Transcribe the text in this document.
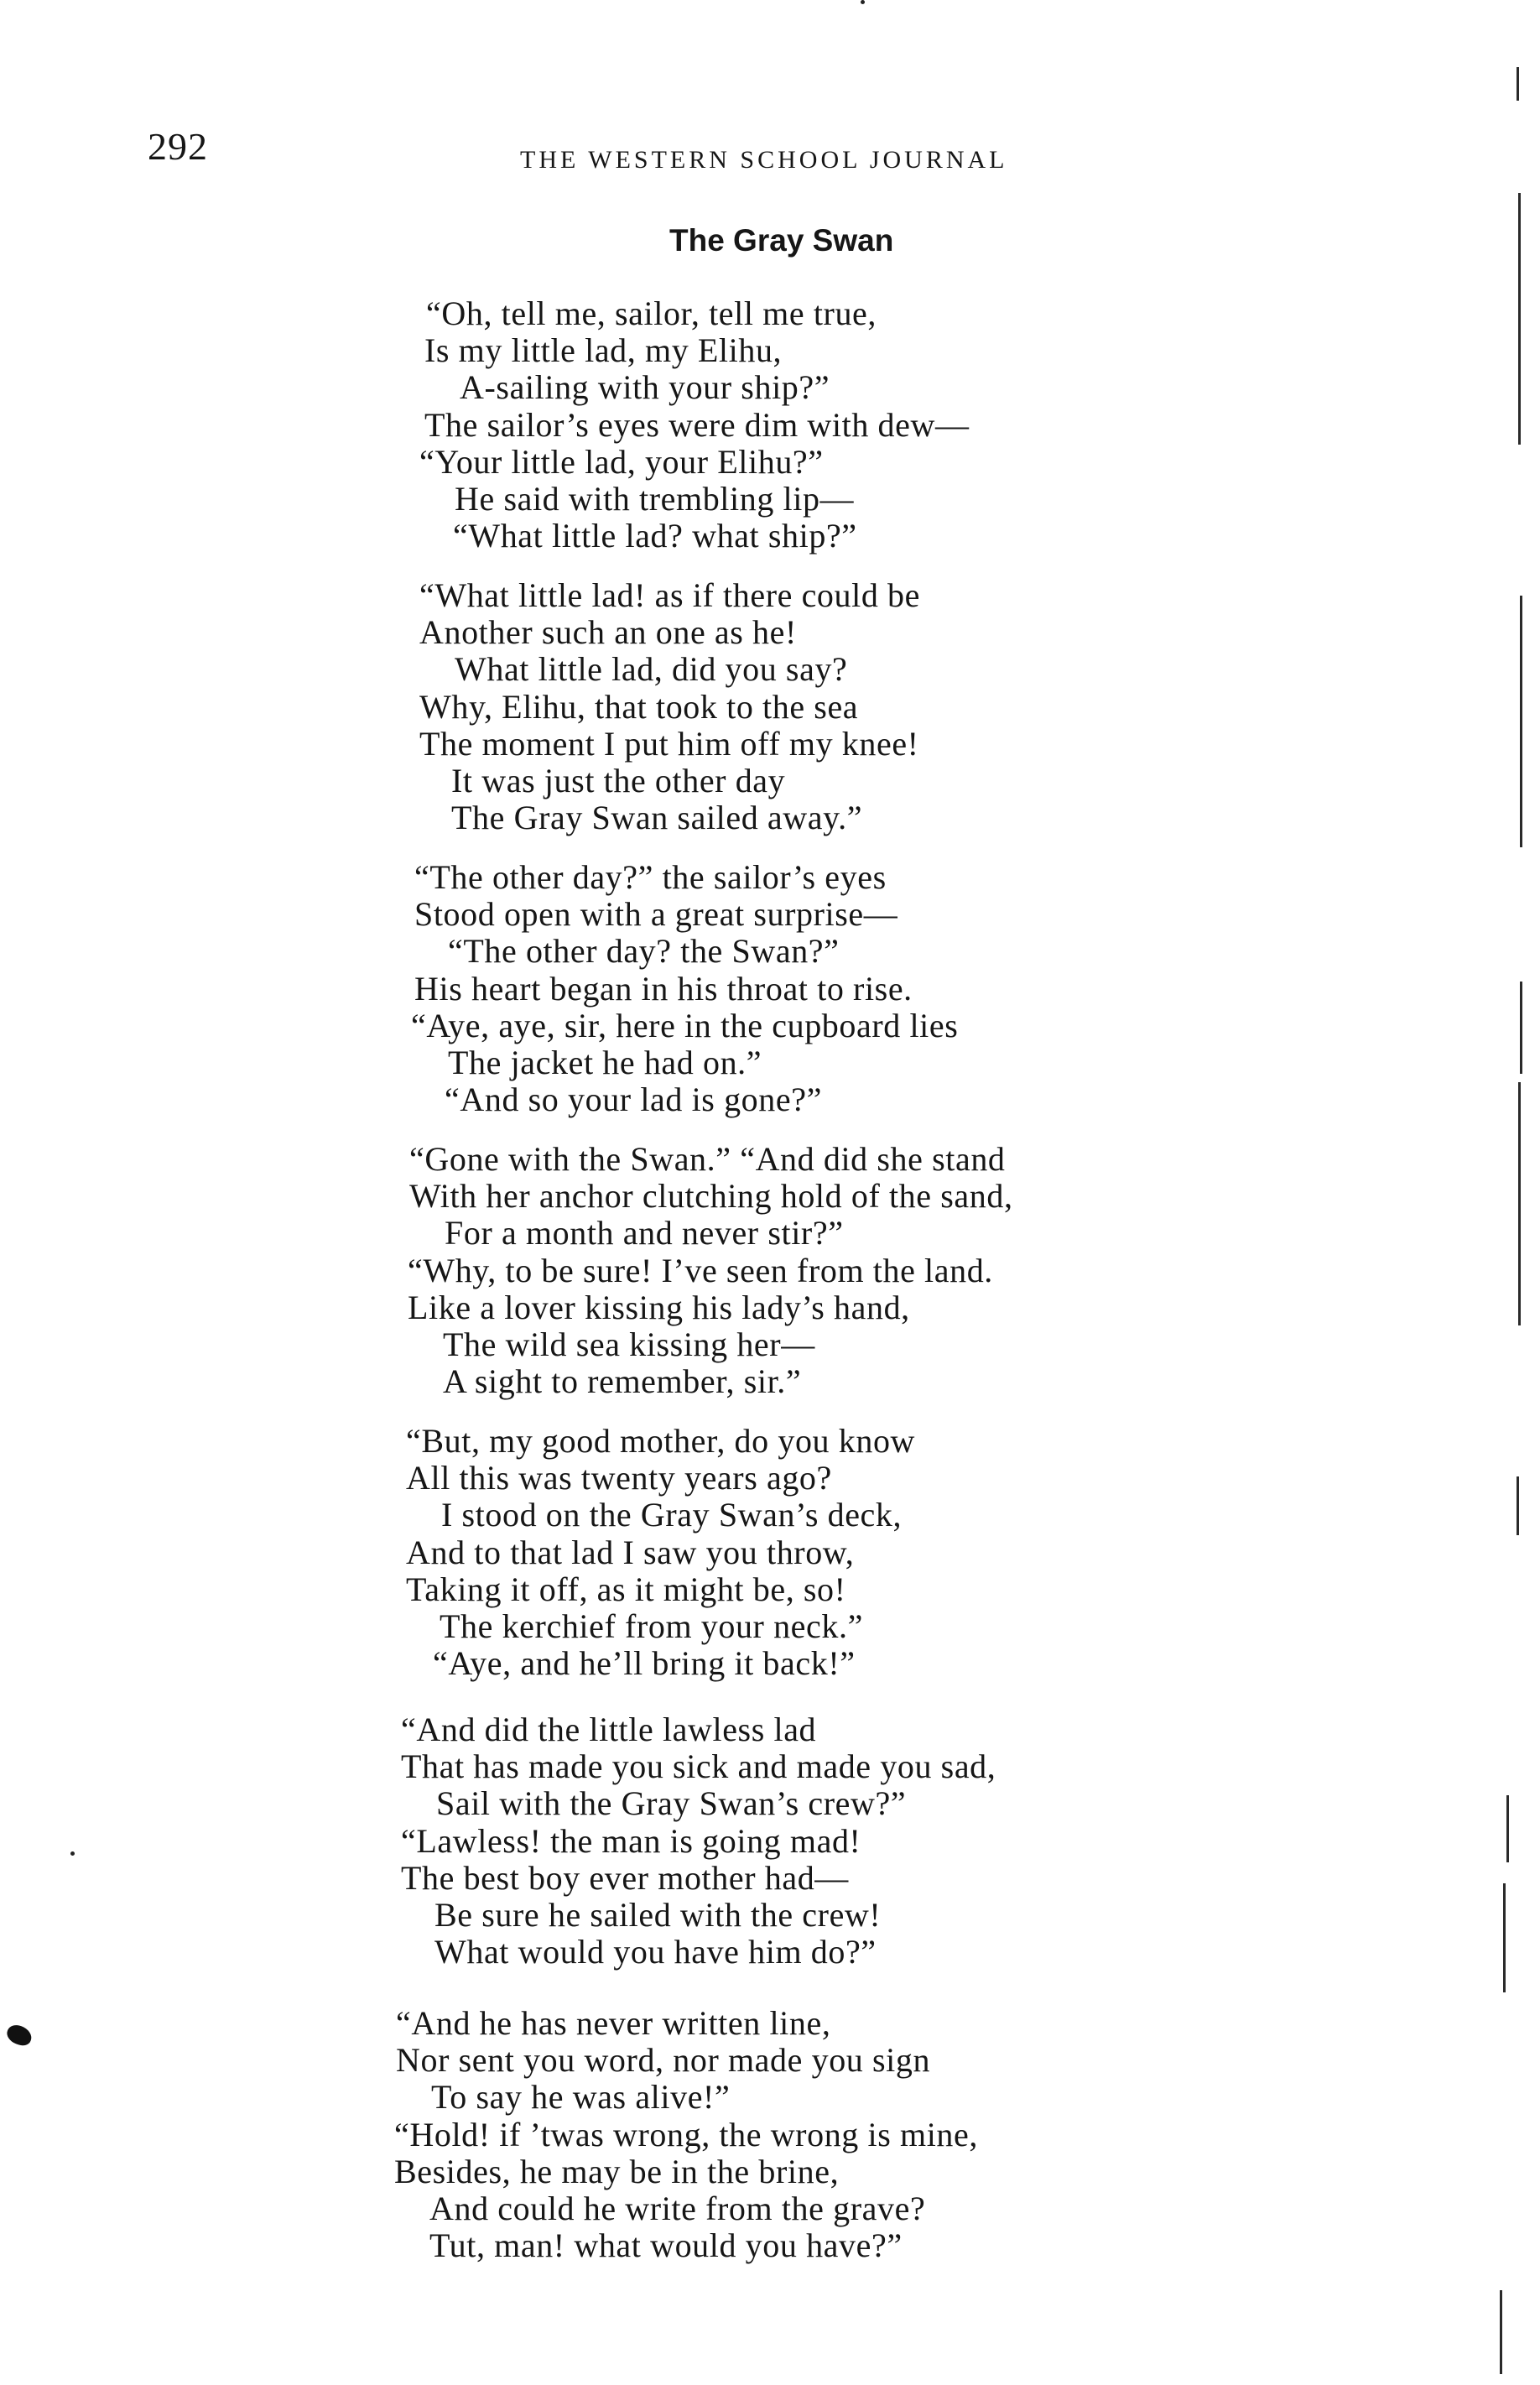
292	THE WESTERN SCHOOL JOURNAL
The Gray Swan
“Oh, tell me, sailor, tell me true,
Is my little lad, my Elihu,
A-sailing with your ship?”
The sailor’s eyes were dim with dew—
“Your little lad, your Elihu?”
He said with trembling lip—
“What little lad? what ship?”
“What little lad! as if there could be
Another such an one as he!
What little lad, did you say?
Why, Elihu, that took to the sea
The moment I put him off my knee!
It was just the other day
The Gray Swan sailed away.”
“The other day?” the sailor’s eyes
Stood open with a great surprise—
“The other day? the Swan?”
His heart began in his throat to rise.
“Aye, aye, sir, here in the cupboard lies
The jacket he had on.”
“And so your lad is gone?”
“Gone with the Swan.” “And did she stand
With her anchor clutching hold of the sand,
For a month and never stir?”
“Why, to be sure! I’ve seen from the land.
Like a lover kissing his lady’s hand,
The wild sea kissing her—
A sight to remember, sir.”
“But, my good mother, do you know
All this was twenty years ago?
I stood on the Gray Swan’s deck,
And to that lad I saw you throw,
Taking it off, as it might be, so!
The kerchief from your neck.”
“Aye, and he’ll bring it back!”
“And did the little lawless lad
That has made you sick and made you sad,
Sail with the Gray Swan’s crew?”
“Lawless! the man is going mad!
The best boy ever mother had—
Be sure he sailed with the crew!
What would you have him do?”
“And he has never written line,
Nor sent you word, nor made you sign
To say he was alive!”
“Hold! if ’twas wrong, the wrong is mine,
Besides, he may be in the brine,
And could he write from the grave?
Tut, man! what would you have?”
